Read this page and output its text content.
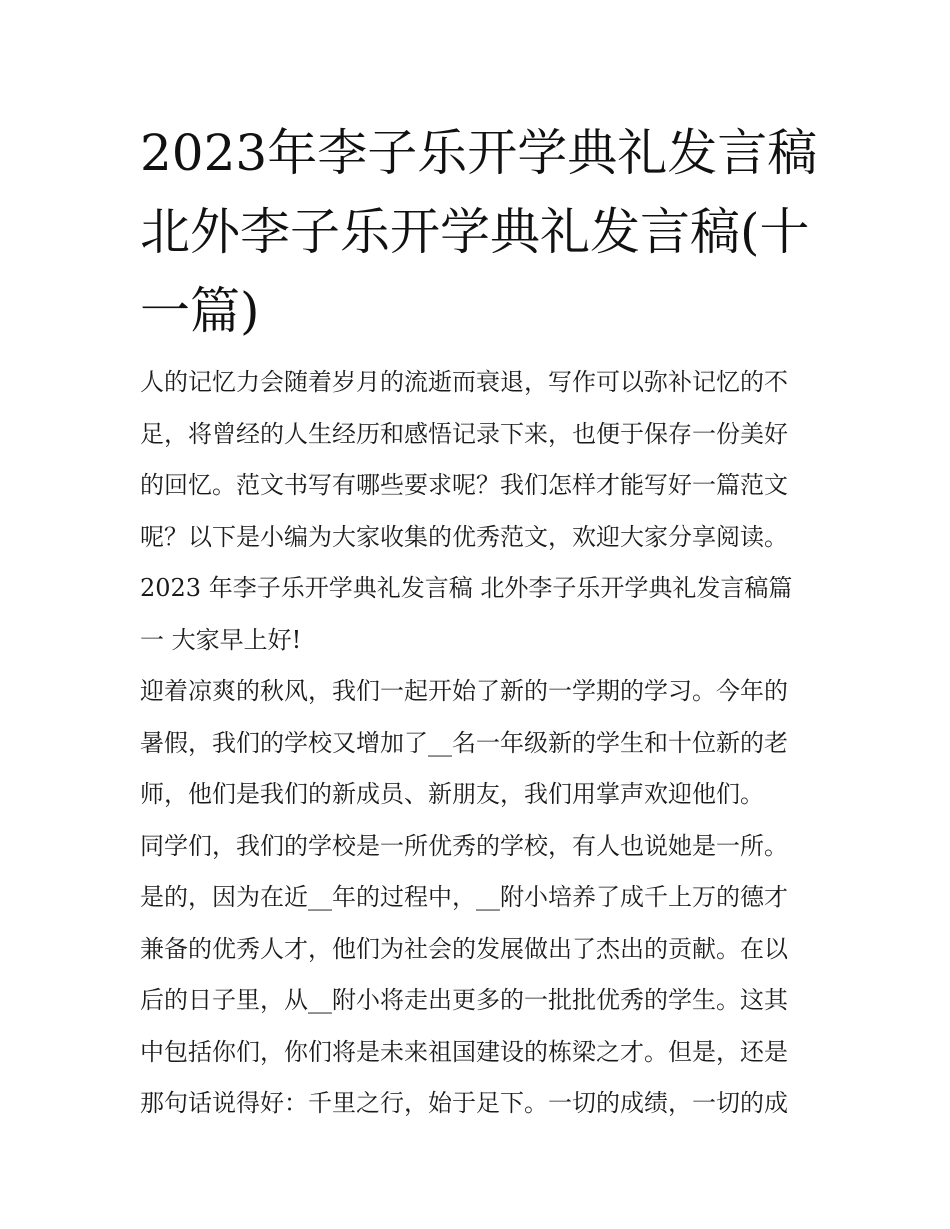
2023年李子乐开学典礼发言稿
北外李子乐开学典礼发言稿(十
一篇)
人的记忆力会随着岁月的流逝而衰退，写作可以弥补记忆的不
足，将曾经的人生经历和感悟记录下来，也便于保存一份美好
的回忆。范文书写有哪些要求呢？我们怎样才能写好一篇范文
呢？以下是小编为大家收集的优秀范文，欢迎大家分享阅读。
2023 年李子乐开学典礼发言稿 北外李子乐开学典礼发言稿篇
一 大家早上好!
迎着凉爽的秋风，我们一起开始了新的一学期的学习。今年的
暑假，我们的学校又增加了__名一年级新的学生和十位新的老
师，他们是我们的新成员、新朋友，我们用掌声欢迎他们。
同学们，我们的学校是一所优秀的学校，有人也说她是一所。
是的，因为在近__年的过程中，__附小培养了成千上万的德才
兼备的优秀人才，他们为社会的发展做出了杰出的贡献。在以
后的日子里，从__附小将走出更多的一批批优秀的学生。这其
中包括你们，你们将是未来祖国建设的栋梁之才。但是，还是
那句话说得好：千里之行，始于足下。一切的成绩，一切的成
